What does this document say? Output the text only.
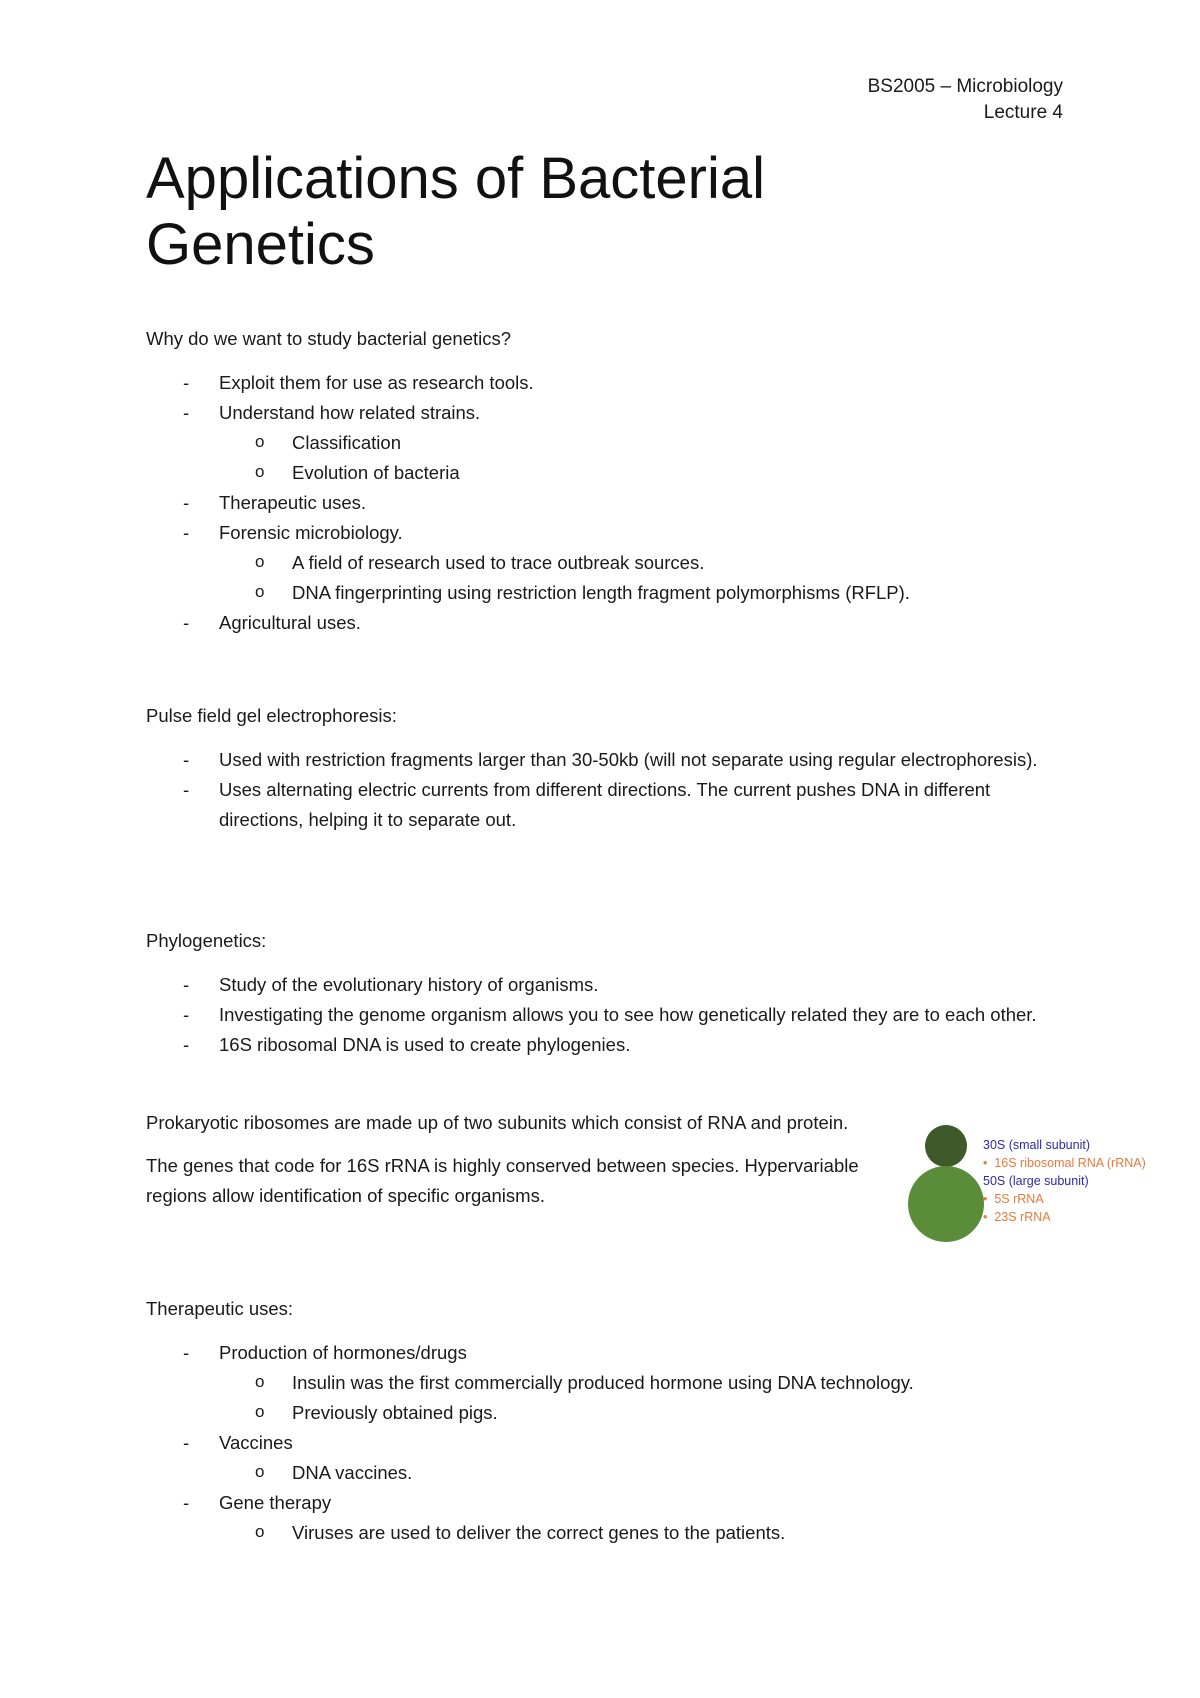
BS2005 – Microbiology
Lecture 4
Applications of Bacterial Genetics

Why do we want to study bacterial genetics?

- Exploit them for use as research tools.
- Understand how related strains.
o Classification
o Evolution of bacteria
- Therapeutic uses.
- Forensic microbiology.
o A field of research used to trace outbreak sources.
o DNA fingerprinting using restriction length fragment polymorphisms (RFLP).
- Agricultural uses.

Pulse field gel electrophoresis:

- Used with restriction fragments larger than 30-50kb (will not separate using regular electrophoresis).
- Uses alternating electric currents from different directions. The current pushes DNA in different directions, helping it to separate out.

Phylogenetics:

- Study of the evolutionary history of organisms.
- Investigating the genome organism allows you to see how genetically related they are to each other.
- 16S ribosomal DNA is used to create phylogenies.

Prokaryotic ribosomes are made up of two subunits which consist of RNA and protein.

The genes that code for 16S rRNA is highly conserved between species. Hypervariable regions allow identification of specific organisms.

30S (small subunit)
• 16S ribosomal RNA (rRNA)
50S (large subunit)
• 5S rRNA
• 23S rRNA

Therapeutic uses:

- Production of hormones/drugs
o Insulin was the first commercially produced hormone using DNA technology.
o Previously obtained pigs.
- Vaccines
o DNA vaccines.
- Gene therapy
o Viruses are used to deliver the correct genes to the patients.
